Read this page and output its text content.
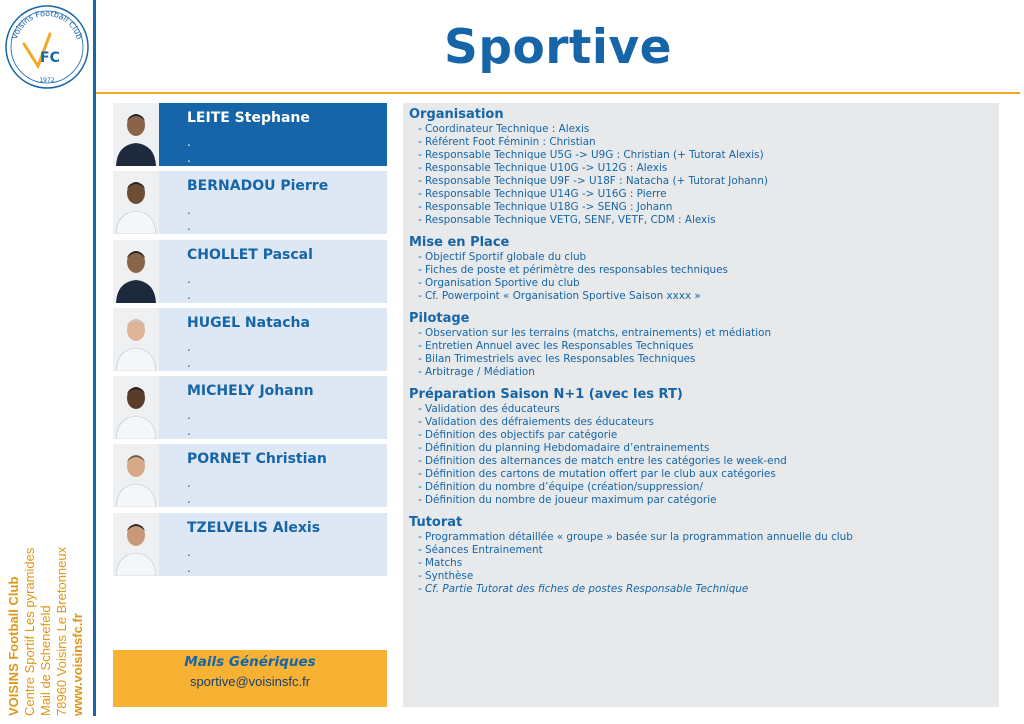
Voisins Football Club
FC
1972
Sportive
VOISINS Football Club Centre Sportif Les pyramides Mail de Schenefeld 78960 Voisins Le Bretonneux www.voisinsfc.fr
LEITE Stephane
.
.
BERNADOU Pierre
.
.
CHOLLET Pascal
.
.
HUGEL Natacha
.
.
MICHELY Johann
.
.
PORNET Christian
.
.
TZELVELIS Alexis
.
.
Mails Génériques
sportive@voisinsfc.fr
Organisation
- Coordinateur Technique : Alexis
- Référent Foot Féminin : Christian
- Responsable Technique U5G -> U9G : Christian (+ Tutorat Alexis)
- Responsable Technique U10G -> U12G : Alexis
- Responsable Technique U9F -> U18F : Natacha (+ Tutorat Johann)
- Responsable Technique U14G -> U16G : Pierre
- Responsable Technique U18G -> SENG : Johann
- Responsable Technique VETG, SENF, VETF, CDM : Alexis
Mise en Place
- Objectif Sportif globale du club
- Fiches de poste et périmètre des responsables techniques
- Organisation Sportive du club
- Cf. Powerpoint « Organisation Sportive Saison xxxx »
Pilotage
- Observation sur les terrains (matchs, entrainements) et médiation
- Entretien Annuel avec les Responsables Techniques
- Bilan Trimestriels avec les Responsables Techniques
- Arbitrage / Médiation
Préparation Saison N+1 (avec les RT)
- Validation des éducateurs
- Validation des défraiements des éducateurs
- Définition des objectifs par catégorie
- Définition du planning Hebdomadaire d’entrainements
- Définition des alternances de match entre les catégories le week-end
- Définition des cartons de mutation offert par le club aux catégories
- Définition du nombre d’équipe (création/suppression/
- Définition du nombre de joueur maximum par catégorie
Tutorat
- Programmation détaillée « groupe » basée sur la programmation annuelle du club
- Séances Entrainement
- Matchs
- Synthèse
- Cf. Partie Tutorat des fiches de postes Responsable Technique
